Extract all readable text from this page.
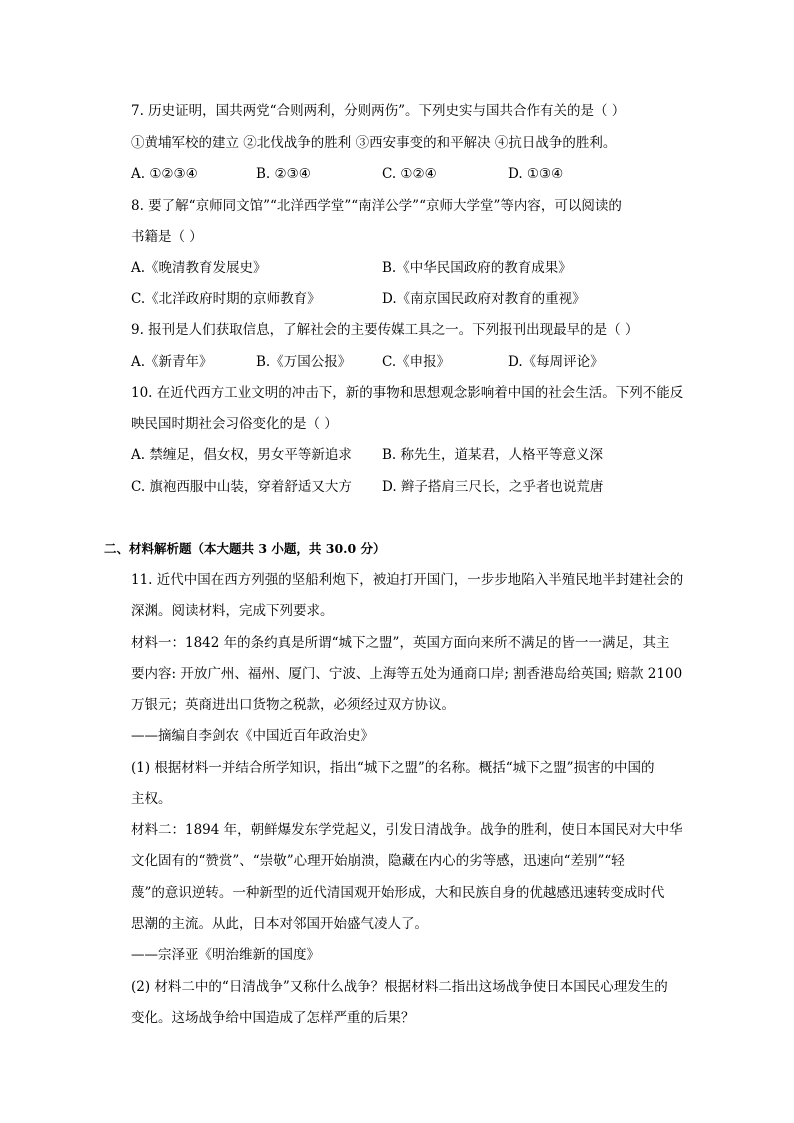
7. 历史证明，国共两党“合则两利，分则两伤”。下列史实与国共合作有关的是（ ）
①黄埔军校的建立 ②北伐战争的胜利 ③西安事变的和平解决 ④抗日战争的胜利。
A. ①②③④	B. ②③④	C. ①②④	D. ①③④
8. 要了解“京师同文馆”“北洋西学堂”“南洋公学”“京师大学堂”等内容，可以阅读的
书籍是（ ）
A.《晚清教育发展史》	B.《中华民国政府的教育成果》
C.《北洋政府时期的京师教育》	D.《南京国民政府对教育的重视》
9. 报刊是人们获取信息，了解社会的主要传媒工具之一。下列报刊出现最早的是（ ）
A.《新青年》	B.《万国公报》 C.《申报》	D.《每周评论》
10. 在近代西方工业文明的冲击下，新的事物和思想观念影响着中国的社会生活。下列不能反
映民国时期社会习俗变化的是（ ）
A. 禁缠足，倡女权，男女平等新追求 B. 称先生，道某君，人格平等意义深
C. 旗袍西服中山装，穿着舒适又大方 D. 辫子搭肩三尺长，之乎者也说荒唐
二、材料解析题（本大题共 3 小题，共 30.0 分）
11. 近代中国在西方列强的坚船利炮下，被迫打开国门，一步步地陷入半殖民地半封建社会的
深渊。阅读材料，完成下列要求。
材料一：1842 年的条约真是所谓“城下之盟”，英国方面向来所不满足的皆一一满足，其主
要内容: 开放广州、福州、厦门、宁波、上海等五处为通商口岸; 割香港岛给英国; 赔款 2100
万银元；英商进出口货物之税款，必须经过双方协议。
——摘编自李剑农《中国近百年政治史》
(1) 根据材料一并结合所学知识，指出“城下之盟”的名称。概括“城下之盟”损害的中国的
主权。
材料二：1894 年，朝鲜爆发东学党起义，引发日清战争。战争的胜利，使日本国民对大中华
文化固有的“赞赏”、“崇敬”心理开始崩溃，隐藏在内心的劣等感，迅速向“差别”“轻
蔑”的意识逆转。一种新型的近代清国观开始形成，大和民族自身的优越感迅速转变成时代
思潮的主流。从此，日本对邻国开始盛气凌人了。
——宗泽亚《明治维新的国度》
(2) 材料二中的“日清战争”又称什么战争？根据材料二指出这场战争使日本国民心理发生的
变化。这场战争给中国造成了怎样严重的后果？
